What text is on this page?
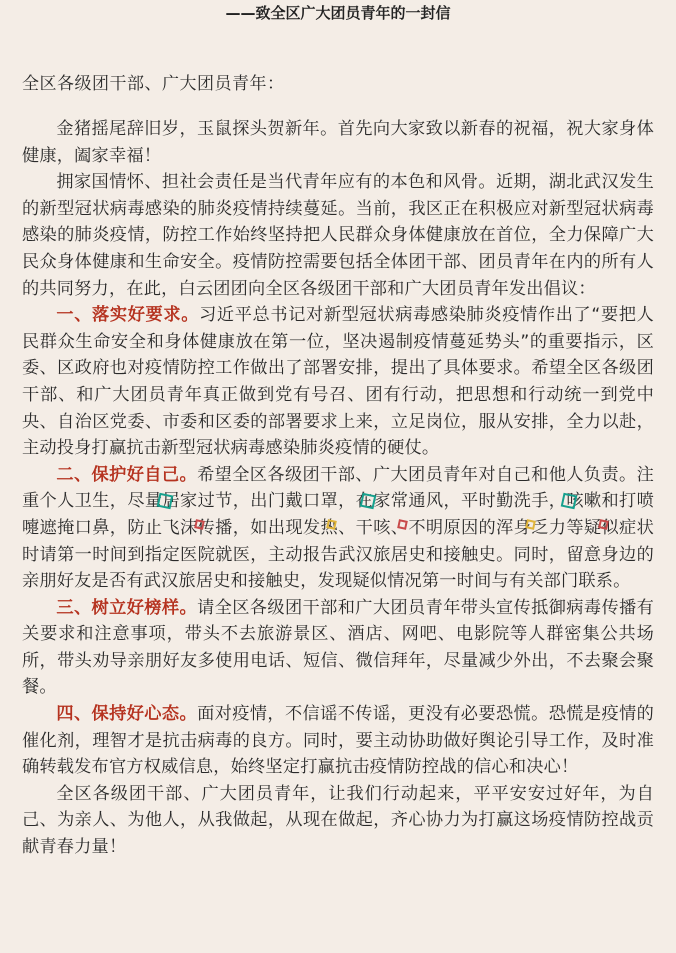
——致全区广大团员青年的一封信
全区各级团干部、广大团员青年：

金猪摇尾辞旧岁，玉鼠探头贺新年。首先向大家致以新春的祝福，祝大家身体健康，阖家幸福！

拥家国情怀、担社会责任是当代青年应有的本色和风骨。近期，湖北武汉发生的新型冠状病毒感染的肺炎疫情持续蔓延。当前，我区正在积极应对新型冠状病毒感染的肺炎疫情，防控工作始终坚持把人民群众身体健康放在首位，全力保障广大民众身体健康和生命安全。疫情防控需要包括全体团干部、团员青年在内的所有人的共同努力，在此，白云团团向全区各级团干部和广大团员青年发出倡议：

一、落实好要求。习近平总书记对新型冠状病毒感染肺炎疫情作出了“要把人民群众生命安全和身体健康放在第一位，坚决遏制疫情蔓延势头”的重要指示，区委、区政府也对疫情防控工作做出了部署安排，提出了具体要求。希望全区各级团干部、和广大团员青年真正做到党有号召、团有行动，把思想和行动统一到党中央、自治区党委、市委和区委的部署要求上来，立足岗位，服从安排，全力以赴，主动投身打赢抗击新型冠状病毒感染肺炎疫情的硬仗。

二、保护好自己。希望全区各级团干部、广大团员青年对自己和他人负责。注重个人卫生，尽量居家过节，出门戴口罩，在家常通风，平时勤洗手，咳嗽和打喷嚏遮掩口鼻，防止飞沫传播，如出现发热、干咳、不明原因的浑身乏力等疑似症状时请第一时间到指定医院就医，主动报告武汉旅居史和接触史。同时，留意身边的亲朋好友是否有武汉旅居史和接触史，发现疑似情况第一时间与有关部门联系。

三、树立好榜样。请全区各级团干部和广大团员青年带头宣传抵御病毒传播有关要求和注意事项，带头不去旅游景区、酒店、网吧、电影院等人群密集公共场所，带头劝导亲朋好友多使用电话、短信、微信拜年，尽量减少外出，不去聚会聚餐。

四、保持好心态。面对疫情，不信谣不传谣，更没有必要恐慌。恐慌是疫情的催化剂，理智才是抗击病毒的良方。同时，要主动协助做好舆论引导工作，及时准确转载发布官方权威信息，始终坚定打赢抗击疫情防控战的信心和决心！

全区各级团干部、广大团员青年，让我们行动起来，平平安安过好年，为自己、为亲人、为他人，从我做起，从现在做起，齐心协力为打赢这场疫情防控战贡献青春力量！
